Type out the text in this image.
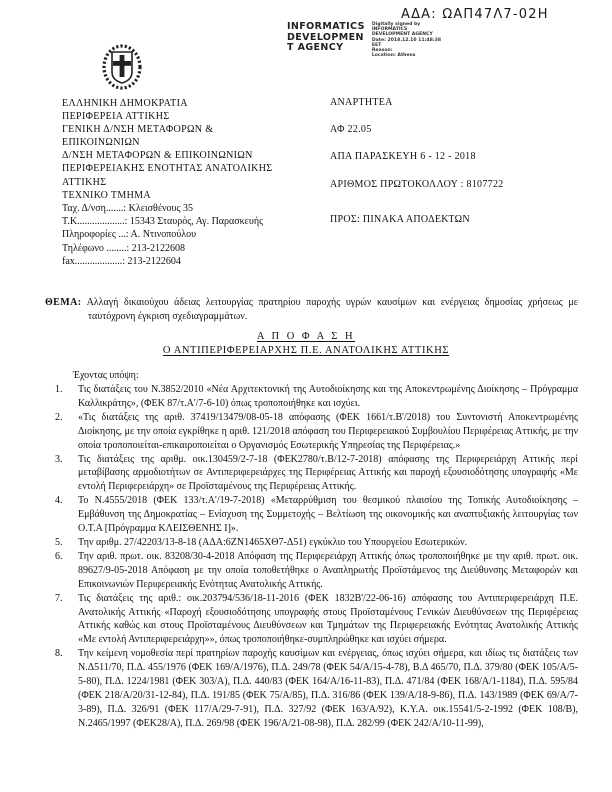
ΑΔΑ: ΩΑΠ47Λ7-02Η
INFORMATICS
DEVELOPMEN
T AGENCY
Digitally signed by
INFORMATICS
DEVELOPMENT AGENCY
Date: 2018.12.10 11:48:38
EET
Reason:
Location: Athens
ΕΛΛΗΝΙΚΗ ΔΗΜΟΚΡΑΤΙΑ
ΠΕΡΙΦΕΡΕΙΑ ΑΤΤΙΚΗΣ
ΓΕΝΙΚΗ Δ/ΝΣΗ ΜΕΤΑΦΟΡΩΝ &
ΕΠΙΚΟΙΝΩΝΙΩΝ
Δ/ΝΣΗ ΜΕΤΑΦΟΡΩΝ & ΕΠΙΚΟΙΝΩΝΙΩΝ
ΠΕΡΙΦΕΡΕΙΑΚΗΣ ΕΝΟΤΗΤΑΣ ΑΝΑΤΟΛΙΚΗΣ
ΑΤΤΙΚΗΣ
ΤΕΧΝΙΚΟ ΤΜΗΜΑ
ΑΝΑΡΤΗΤΕΑ
ΑΦ 22.05
ΑΠΑ ΠΑΡΑΣΚΕΥΗ 6 - 12 - 2018
ΑΡΙΘΜΟΣ ΠΡΩΤΟΚΟΛΛΟΥ : 8107722
ΠΡΟΣ: ΠΙΝΑΚΑ ΑΠΟΔΕΚΤΩΝ
Ταχ. Δ/νση.......: Κλεισθένους 35
Τ.Κ...................: 15343 Σταυρός, Αγ. Παρασκευής
Πληροφορίες ...: Α. Ντινοπούλου
Τηλέφωνο ........: 213-2122608
fax...................: 213-2122604

ΘΕΜΑ: Αλλαγή δικαιούχου άδειας λειτουργίας πρατηρίου παροχής υγρών καυσίμων και ενέργειας δημοσίας χρήσεως με ταυτόχρονη έγκριση σχεδιαγραμμάτων.

Α Π Ο Φ Α Σ Η
Ο ΑΝΤΙΠΕΡΙΦΕΡΕΙΑΡΧΗΣ Π.Ε. ΑΝΑΤΟΛΙΚΗΣ ΑΤΤΙΚΗΣ
Έχοντας υπόψη:
Τις διατάξεις του Ν.3852/2010 «Νέα Αρχιτεκτονική της Αυτοδιοίκησης και της Αποκεντρωμένης Διοίκησης – Πρόγραμμα Καλλικράτης», (ΦΕΚ 87/τ.Α'/7-6-10) όπως τροποποιήθηκε και ισχύει.
«Τις διατάξεις της αριθ. 37419/13479/08-05-18 απόφασης (ΦΕΚ 1661/τ.Β'/2018) του Συντονιστή Αποκεντρωμένης Διοίκησης, με την οποία εγκρίθηκε η αριθ. 121/2018 απόφαση του Περιφερειακού Συμβουλίου Περιφέρειας Αττικής, με την οποία τροποποιείται-επικαιροποιείται ο Οργανισμός Εσωτερικής Υπηρεσίας της Περιφέρειας.»
Τις διατάξεις της αριθμ. οικ.130459/2-7-18 (ΦΕΚ2780/τ.Β/12-7-2018) απόφασης της Περιφερειάρχη Αττικής περί μεταβίβασης αρμοδιοτήτων σε Αντιπεριφερειάρχες της Περιφέρειας Αττικής και παροχή εξουσιοδότησης υπογραφής «Με εντολή Περιφερειάρχη» σε Προϊσταμένους της Περιφέρειας Αττικής.
Το Ν.4555/2018 (ΦΕΚ 133/τ.Α'/19-7-2018) «Μεταρρύθμιση του θεσμικού πλαισίου της Τοπικής Αυτοδιοίκησης – Εμβάθυνση της Δημοκρατίας – Ενίσχυση της Συμμετοχής – Βελτίωση της οικονομικής και αναπτυξιακής λειτουργίας των Ο.Τ.Α [Πρόγραμμα ΚΛΕΙΣΘΕΝΗΣ Ι]».
Την αριθμ. 27/42203/13-8-18 (ΑΔΑ:6ΖΝ1465ΧΘ7-Δ51) εγκύκλιο του Υπουργείου Εσωτερικών.
Την αριθ. πρωτ. οικ. 83208/30-4-2018 Απόφαση της Περιφερειάρχη Αττικής όπως τροποποιήθηκε με την αριθ. πρωτ. οικ. 89627/9-05-2018 Απόφαση με την οποία τοποθετήθηκε ο Αναπληρωτής Προϊστάμενος της Διεύθυνσης Μεταφορών και Επικοινωνιών Περιφερειακής Ενότητας Ανατολικής Αττικής.
Τις διατάξεις της αριθ.: οικ.203794/536/18-11-2016 (ΦΕΚ 1832Β'/22-06-16) απόφασης του Αντιπεριφερειάρχη Π.Ε. Ανατολικής Αττικής «Παροχή εξουσιοδότησης υπογραφής στους Προϊσταμένους Γενικών Διευθύνσεων της Περιφέρειας Αττικής καθώς και στους Προϊσταμένους Διευθύνσεων και Τμημάτων της Περιφερειακής Ενότητας Ανατολικής Αττικής «Με εντολή Αντιπεριφερειάρχη»», όπως τροποποιήθηκε-συμπληρώθηκε και ισχύει σήμερα.
Την κείμενη νομοθεσία περί πρατηρίων παροχής καυσίμων και ενέργειας, όπως ισχύει σήμερα, και ιδίως τις διατάξεις των Ν.Δ511/70, Π.Δ. 455/1976 (ΦΕΚ 169/Α/1976), Π.Δ. 249/78 (ΦΕΚ 54/Α/15-4-78), Β.Δ 465/70, Π.Δ. 379/80 (ΦΕΚ 105/Α/5-5-80), Π.Δ. 1224/1981 (ΦΕΚ 303/Α), Π.Δ. 440/83 (ΦΕΚ 164/Α/16-11-83), Π.Δ. 471/84 (ΦΕΚ 168/Α/1-1184), Π.Δ. 595/84 (ΦΕΚ 218/Α/20/31-12-84), Π.Δ. 191/85 (ΦΕΚ 75/Α/85), Π.Δ. 316/86 (ΦΕΚ 139/Α/18-9-86), Π.Δ. 143/1989 (ΦΕΚ 69/Α/7-3-89), Π.Δ. 326/91 (ΦΕΚ 117/Α/29-7-91), Π.Δ. 327/92 (ΦΕΚ 163/Α/92), Κ.Υ.Α. οικ.15541/5-2-1992 (ΦΕΚ 108/Β), Ν.2465/1997 (ΦΕΚ28/Α), Π.Δ. 269/98 (ΦΕΚ 196/Α/21-08-98), Π.Δ. 282/99 (ΦΕΚ 242/Α/10-11-99),
